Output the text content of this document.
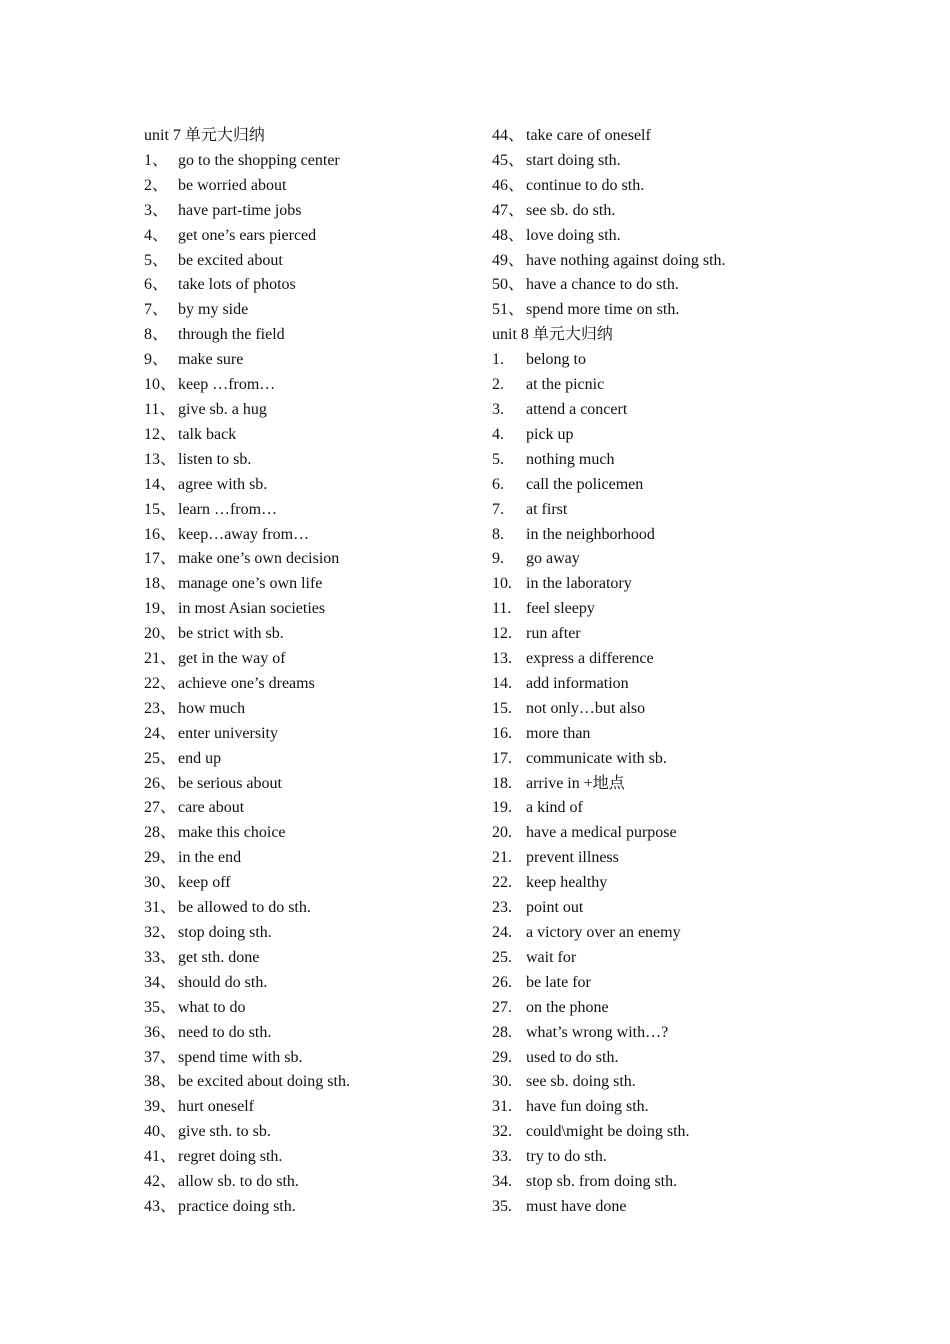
unit 7 单元大归纳
1、 go to the shopping center
2、 be worried about
3、 have part-time jobs
4、 get one’s ears pierced
5、 be excited about
6、 take lots of photos
7、 by my side
8、 through the field
9、 make sure
10、 keep …from…
11、 give sb. a hug
12、 talk back
13、 listen to sb.
14、 agree with sb.
15、 learn …from…
16、 keep…away from…
17、 make one’s own decision
18、 manage one’s own life
19、 in most Asian societies
20、 be strict with sb.
21、 get in the way of
22、 achieve one’s dreams
23、 how much
24、 enter university
25、 end up
26、 be serious about
27、 care about
28、 make this choice
29、 in the end
30、 keep off
31、 be allowed to do sth.
32、 stop doing sth.
33、 get sth. done
34、 should do sth.
35、 what to do
36、 need to do sth.
37、 spend time with sb.
38、 be excited about doing sth.
39、 hurt oneself
40、 give sth. to sb.
41、 regret doing sth.
42、 allow sb. to do sth.
43、 practice doing sth.
44、 take care of oneself
45、 start doing sth.
46、 continue to do sth.
47、 see sb. do sth.
48、 love doing sth.
49、 have nothing against doing sth.
50、 have a chance to do sth.
51、 spend more time on sth.
unit 8 单元大归纳
1.	belong to
2.	at the picnic
3.	attend a concert
4.	pick up
5.	nothing much
6.	call the policemen
7.	at first
8.	in the neighborhood
9.	go away
10. in the laboratory
11. feel sleepy
12. run after
13. express a difference
14. add information
15. not only…but also
16. more than
17. communicate with sb.
18. arrive in +地点
19. a kind of
20. have a medical purpose
21. prevent illness
22. keep healthy
23. point out
24. a victory over an enemy
25. wait for
26. be late for
27. on the phone
28. what’s wrong with…?
29. used to do sth.
30. see sb. doing sth.
31. have fun doing sth.
32. could\might be doing sth.
33. try to do sth.
34. stop sb. from doing sth.
35. must have done
